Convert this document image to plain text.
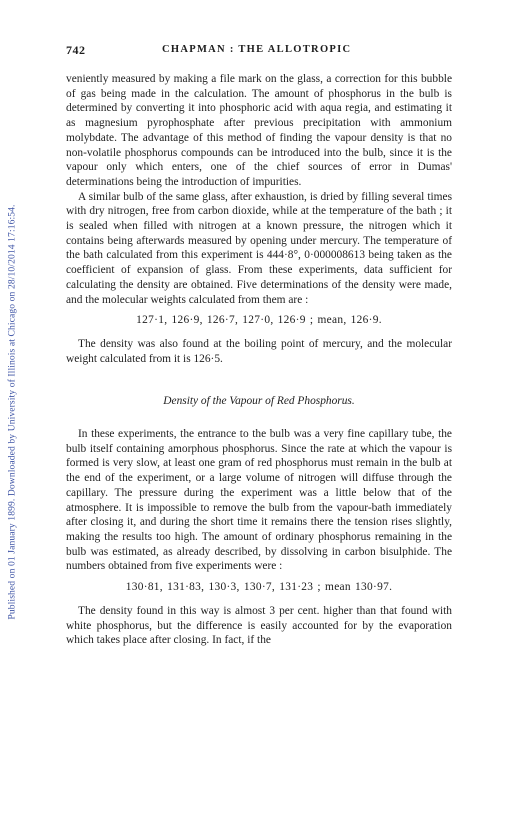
Published on 01 January 1899. Downloaded by University of Illinois at Chicago on 28/10/2014 17:16:54.
742	CHAPMAN : THE ALLOTROPIC

veniently measured by making a file mark on the glass, a correction for this bubble of gas being made in the calculation. The amount of phosphorus in the bulb is determined by converting it into phosphoric acid with aqua regia, and estimating it as magnesium pyrophosphate after previous precipitation with ammonium molybdate. The advantage of this method of finding the vapour density is that no non-volatile phosphorus compounds can be introduced into the bulb, since it is the vapour only which enters, one of the chief sources of error in Dumas' determinations being the introduction of impurities.

A similar bulb of the same glass, after exhaustion, is dried by filling several times with dry nitrogen, free from carbon dioxide, while at the temperature of the bath ; it is sealed when filled with nitrogen at a known pressure, the nitrogen which it contains being afterwards measured by opening under mercury. The temperature of the bath calculated from this experiment is 444·8°, 0·000008613 being taken as the coefficient of expansion of glass. From these experiments, data sufficient for calculating the density are obtained. Five determinations of the density were made, and the molecular weights calculated from them are :

127·1, 126·9, 126·7, 127·0, 126·9 ; mean, 126·9.

The density was also found at the boiling point of mercury, and the molecular weight calculated from it is 126·5.

Density of the Vapour of Red Phosphorus.

In these experiments, the entrance to the bulb was a very fine capillary tube, the bulb itself containing amorphous phosphorus. Since the rate at which the vapour is formed is very slow, at least one gram of red phosphorus must remain in the bulb at the end of the experiment, or a large volume of nitrogen will diffuse through the capillary. The pressure during the experiment was a little below that of the atmosphere. It is impossible to remove the bulb from the vapour-bath immediately after closing it, and during the short time it remains there the tension rises slightly, making the results too high. The amount of ordinary phosphorus remaining in the bulb was estimated, as already described, by dissolving in carbon bisulphide. The numbers obtained from five experiments were :

130·81, 131·83, 130·3, 130·7, 131·23 ; mean 130·97.

The density found in this way is almost 3 per cent. higher than that found with white phosphorus, but the difference is easily accounted for by the evaporation which takes place after closing. In fact, if the
